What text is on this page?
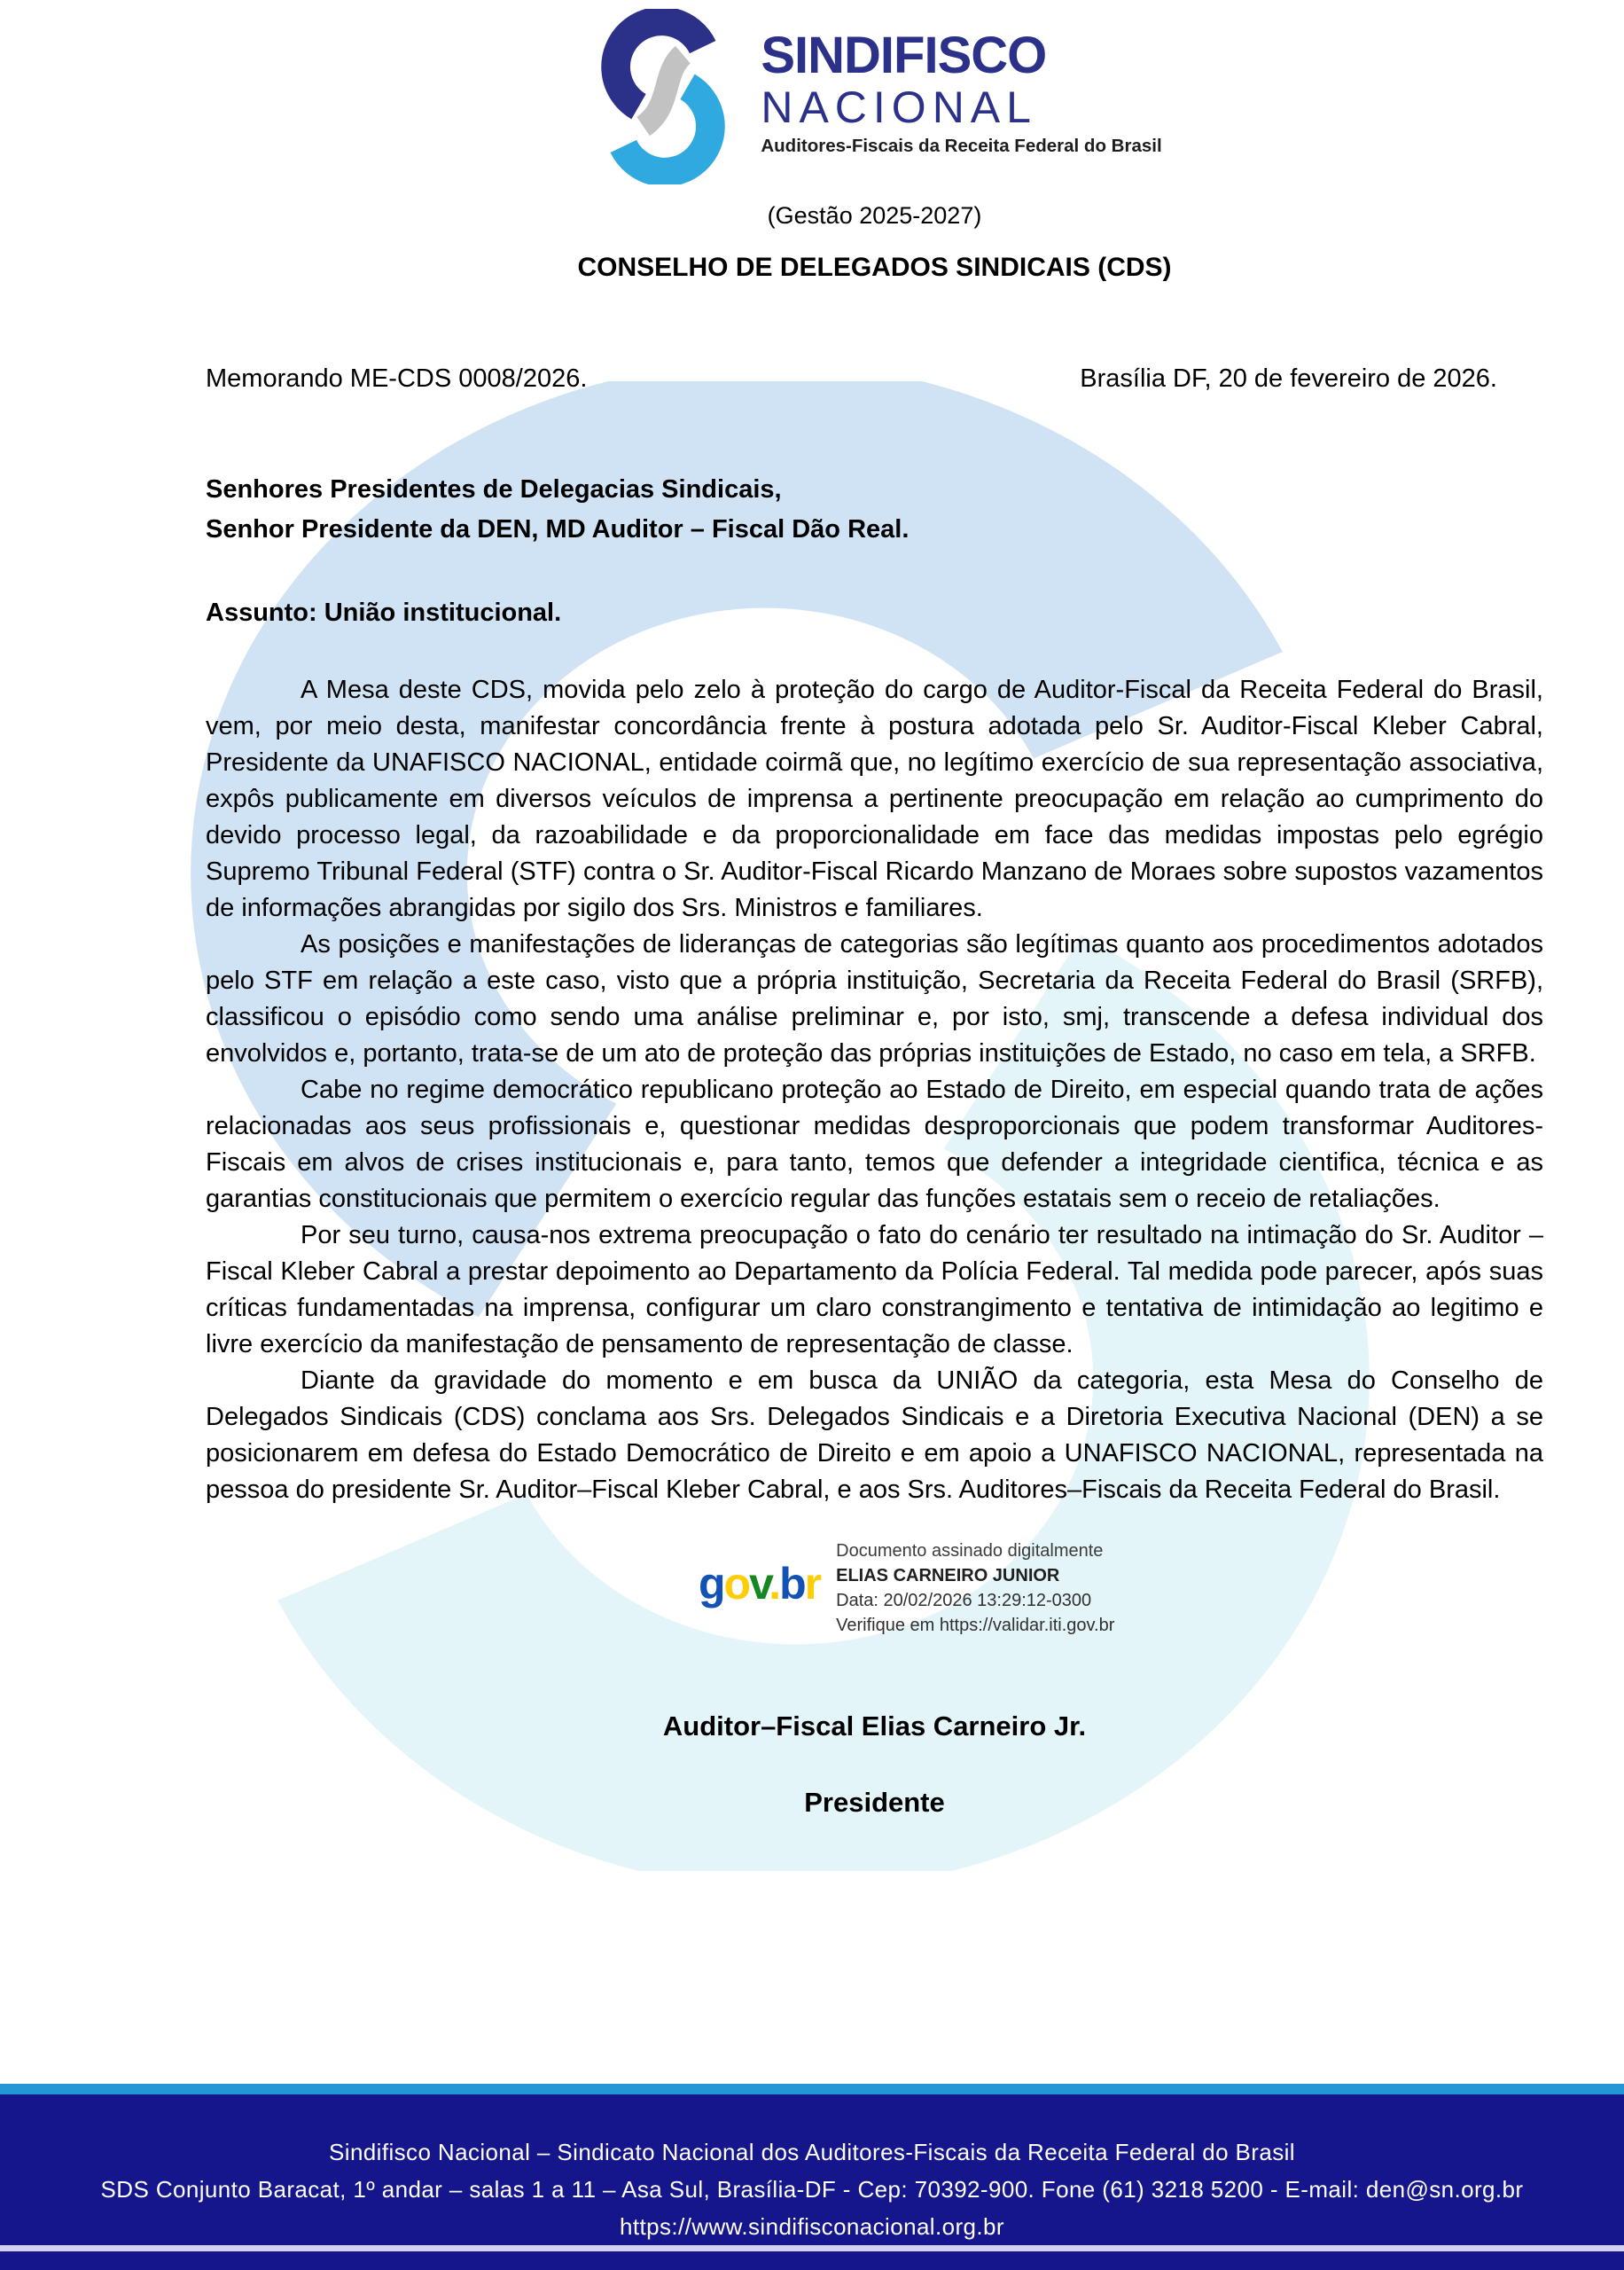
SINDIFISCO
NACIONAL
Auditores-Fiscais da Receita Federal do Brasil
(Gestão 2025-2027)
CONSELHO DE DELEGADOS SINDICAIS (CDS)
Memorando ME-CDS 0008/2026.	Brasília DF, 20 de fevereiro de 2026.
Senhores Presidentes de Delegacias Sindicais,
Senhor Presidente da DEN, MD Auditor – Fiscal Dão Real.
Assunto: União institucional.

A Mesa deste CDS, movida pelo zelo à proteção do cargo de Auditor-Fiscal da Receita Federal do Brasil, vem, por meio desta, manifestar concordância frente à postura adotada pelo Sr. Auditor-Fiscal Kleber Cabral, Presidente da UNAFISCO NACIONAL, entidade coirmã que, no legítimo exercício de sua representação associativa, expôs publicamente em diversos veículos de imprensa a pertinente preocupação em relação ao cumprimento do devido processo legal, da razoabilidade e da proporcionalidade em face das medidas impostas pelo egrégio Supremo Tribunal Federal (STF) contra o Sr. Auditor-Fiscal Ricardo Manzano de Moraes sobre supostos vazamentos de informações abrangidas por sigilo dos Srs. Ministros e familiares.

As posições e manifestações de lideranças de categorias são legítimas quanto aos procedimentos adotados pelo STF em relação a este caso, visto que a própria instituição, Secretaria da Receita Federal do Brasil (SRFB), classificou o episódio como sendo uma análise preliminar e, por isto, smj, transcende a defesa individual dos envolvidos e, portanto, trata-se de um ato de proteção das próprias instituições de Estado, no caso em tela, a SRFB.

Cabe no regime democrático republicano proteção ao Estado de Direito, em especial quando trata de ações relacionadas aos seus profissionais e, questionar medidas desproporcionais que podem transformar Auditores-Fiscais em alvos de crises institucionais e, para tanto, temos que defender a integridade cientifica, técnica e as garantias constitucionais que permitem o exercício regular das funções estatais sem o receio de retaliações.

Por seu turno, causa-nos extrema preocupação o fato do cenário ter resultado na intimação do Sr. Auditor – Fiscal Kleber Cabral a prestar depoimento ao Departamento da Polícia Federal. Tal medida pode parecer, após suas críticas fundamentadas na imprensa, configurar um claro constrangimento e tentativa de intimidação ao legitimo e livre exercício da manifestação de pensamento de representação de classe.

Diante da gravidade do momento e em busca da UNIÃO da categoria, esta Mesa do Conselho de Delegados Sindicais (CDS) conclama aos Srs. Delegados Sindicais e a Diretoria Executiva Nacional (DEN) a se posicionarem em defesa do Estado Democrático de Direito e em apoio a UNAFISCO NACIONAL, representada na pessoa do presidente Sr. Auditor–Fiscal Kleber Cabral, e aos Srs. Auditores–Fiscais da Receita Federal do Brasil.

gov.br
Documento assinado digitalmente
ELIAS CARNEIRO JUNIOR
Data: 20/02/2026 13:29:12-0300
Verifique em https://validar.iti.gov.br
Auditor–Fiscal Elias Carneiro Jr.
Presidente
Sindifisco Nacional – Sindicato Nacional dos Auditores-Fiscais da Receita Federal do Brasil
SDS Conjunto Baracat, 1º andar – salas 1 a 11 – Asa Sul, Brasília-DF - Cep: 70392-900. Fone (61) 3218 5200 - E-mail: den@sn.org.br
https://www.sindifisconacional.org.br
